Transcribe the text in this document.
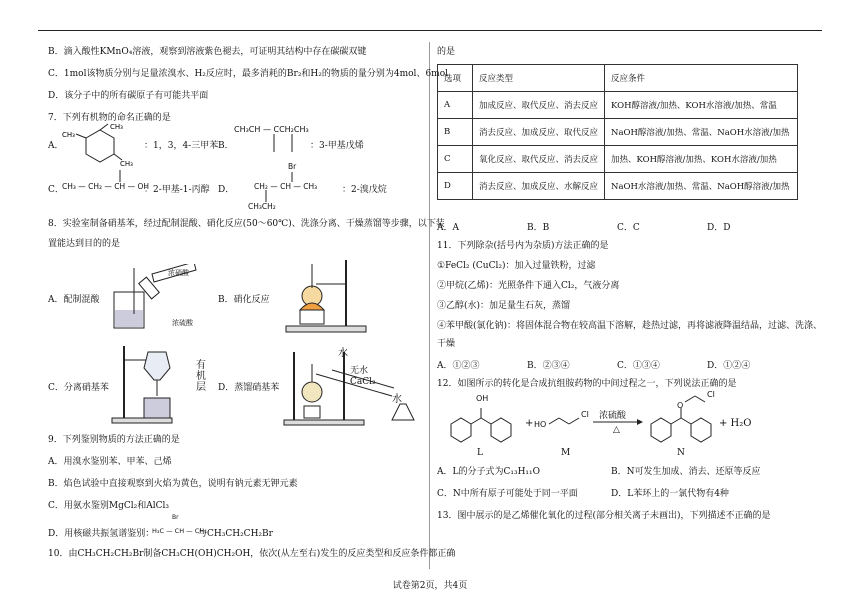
B．滴入酸性KMnO₄溶液，观察到溶液紫色褪去，可证明其结构中存在碳碳双键
C．1mol该物质分别与足量浓溴水、H₂反应时，最多消耗的Br₂和H₂的物质的量分别为4mol、6mol
D．该分子中的所有碳原子有可能共平面
7．下列有机物的命名正确的是
A．
CH₃
CH₃
CH₃
：1，3，4-三甲苯 B．
CH₃CH — CCH₂CH₃
：3-甲基戊烯
C．
CH₃ — CH₂ — CH — OH
：2-甲基-1-丙醇 D．
Br
CH₂ — CH — CH₃
CH₃CH₂
：2-溴戊烷
8．实验室制备硝基苯，经过配制混酸、硝化反应(50～60℃)、洗涤分离、干燥蒸馏等步骤，以下装
置能达到目的的是
A．配制混酸
浓硝酸
浓硫酸
B．硝化反应
C．分离硝基苯
有机层	D．蒸馏硝基苯
水
无水CaCl₂
水
9．下列鉴别物质的方法正确的是
A．用溴水鉴别苯、甲苯、己烯
B．焰色试验中直接观察到火焰为黄色，说明有钠元素无钾元素
C．用氨水鉴别MgCl₂和AlCl₃
D．用核磁共振氢谱鉴别：
Br
H₃C — CH — CH₃
与CH₃CH₂CH₂Br
10．由CH₃CH₂CH₂Br制备CH₃CH(OH)CH₂OH，依次(从左至右)发生的反应类型和反应条件都正确
的是
选项	反应类型	反应条件
A	加成反应、取代反应、消去反应	KOH醇溶液/加热、KOH水溶液/加热、常温
B	消去反应、加成反应、取代反应	NaOH醇溶液/加热、常温、NaOH水溶液/加热
C	氧化反应、取代反应、消去反应	加热、KOH醇溶液/加热、KOH水溶液/加热
D	消去反应、加成反应、水解反应	NaOH水溶液/加热、常温、NaOH醇溶液/加热
A．A	B．B	C．C	D．D
11．下列除杂(括号内为杂质)方法正确的是
①FeCl₂ (CuCl₂)：加入过量铁粉，过滤
②甲烷(乙烯)：光照条件下通入Cl₂，气液分离
③乙醇(水)：加足量生石灰，蒸馏
④苯甲酸(氯化钠)：将固体混合物在较高温下溶解，趁热过滤，再将滤液降温结晶，过滤、洗涤、
干燥
A．①②③	B．②③④	C．①③④	D．①②④
12．如图所示的转化是合成抗组胺药物的中间过程之一，下列说法正确的是
OH
+ HO
Cl 浓硫酸
△
O
Cl
+ H₂O
L	M	N
A．L的分子式为C₁₃H₁₁O	B．N可发生加成、消去、还原等反应
C．N中所有原子可能处于同一平面	D．L苯环上的一氯代物有4种
13．图中展示的是乙烯催化氧化的过程(部分相关离子未画出)，下列描述不正确的是
试卷第2页，共4页
